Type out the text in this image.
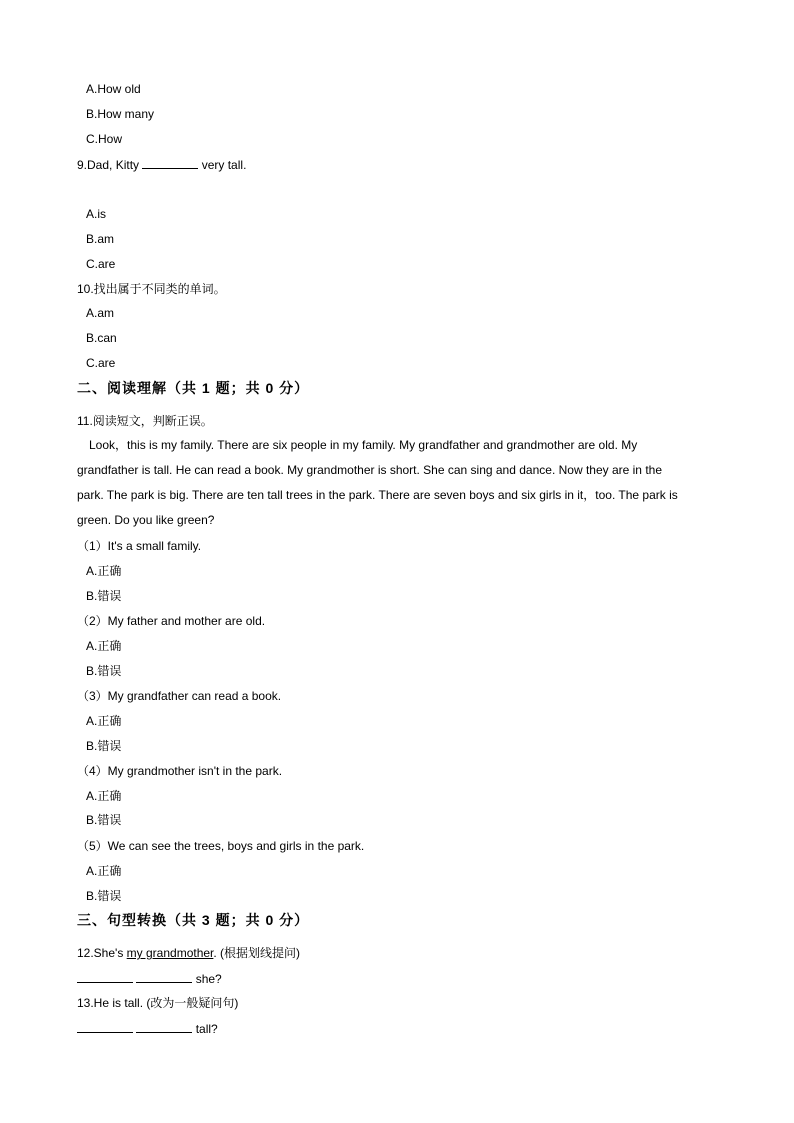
A.How old
B.How many
C.How
9.Dad, Kitty	very tall.
A.is
B.am
C.are
10.找出属于不同类的单词。
A.am
B.can
C.are
二、阅读理解（共 1 题；共 0 分）
11.阅读短文，判断正误。
Look，this is my family. There are six people in my family. My grandfather and grandmother are old. My
grandfather is tall. He can read a book. My grandmother is short. She can sing and dance. Now they are in the
park. The park is big. There are ten tall trees in the park. There are seven boys and six girls in it，too. The park is
green. Do you like green?
（1）It's a small family.
A.正确
B.错误
（2）My father and mother are old.
A.正确
B.错误
（3）My grandfather can read a book.
A.正确
B.错误
（4）My grandmother isn't in the park.
A.正确
B.错误
（5）We can see the trees, boys and girls in the park.
A.正确
B.错误
三、句型转换（共 3 题；共 0 分）
12.She's my grandmother. (根据划线提问)
she?
13.He is tall. (改为一般疑问句)
tall?
